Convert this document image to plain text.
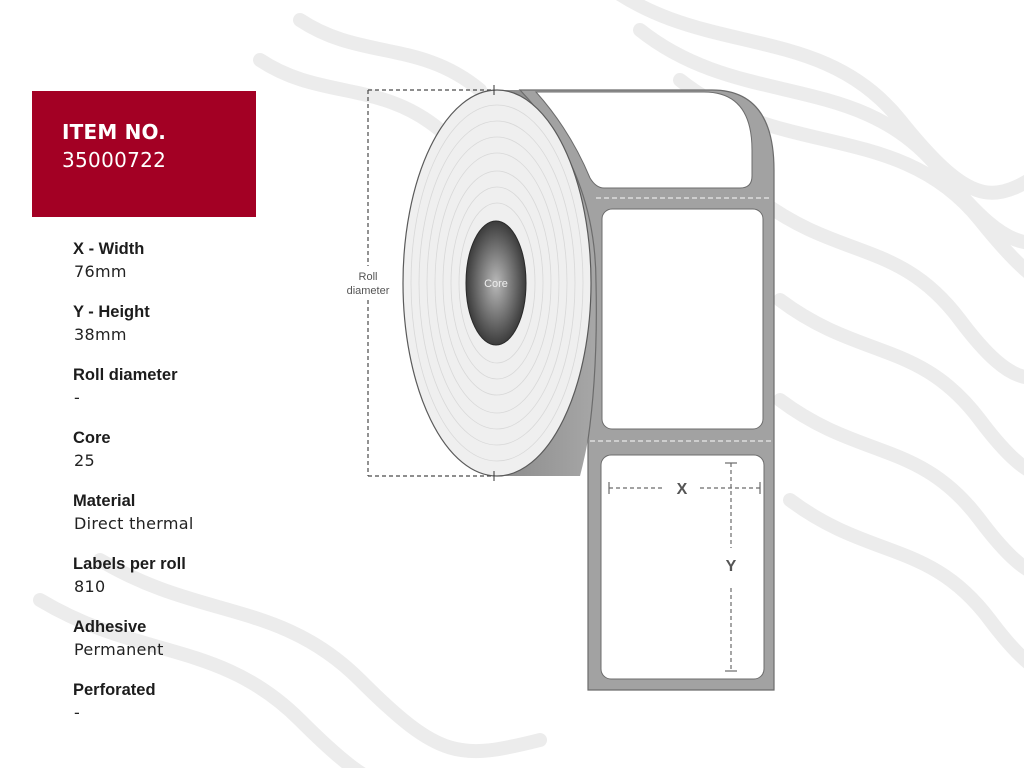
ITEM NO.
35000722
X - Width
76mm
Y - Height
38mm
Roll diameter
-
Core
25
Material
Direct thermal
Labels per roll
810
Adhesive
Permanent
Perforated
-
Roll
diameter
Core
X
Y
